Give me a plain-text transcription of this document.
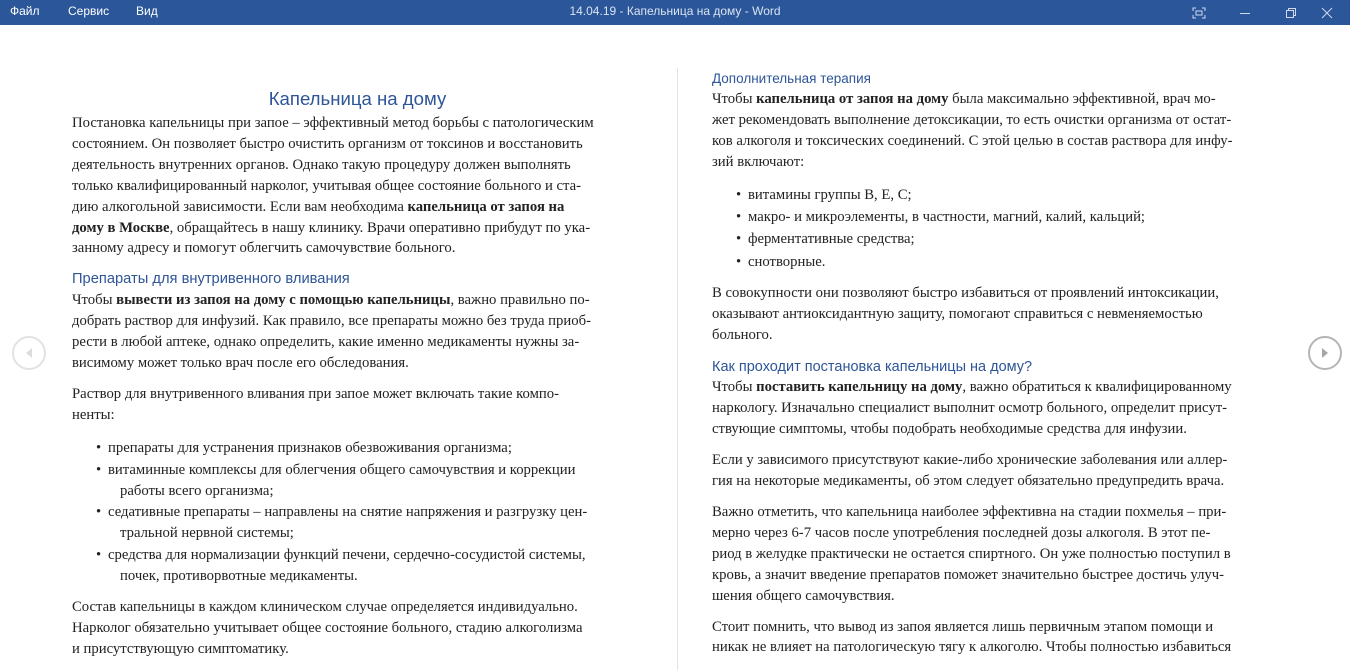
Файл	Сервис	Вид	14.04.19 - Капельница на дому - Word
Капельница на дому

Постановка капельницы при запое – эффективный метод борьбы с патологическим
состоянием. Он позволяет быстро очистить организм от токсинов и восстановить
деятельность внутренних органов. Однако такую процедуру должен выполнять
только квалифицированный нарколог, учитывая общее состояние больного и ста-
дию алкогольной зависимости. Если вам необходима капельница от запоя на
дому в Москве, обращайтесь в нашу клинику. Врачи оперативно прибудут по ука-
занному адресу и помогут облегчить самочувствие больного.

Препараты для внутривенного вливания

Чтобы вывести из запоя на дому с помощью капельницы, важно правильно по-
добрать раствор для инфузий. Как правило, все препараты можно без труда приоб-
рести в любой аптеке, однако определить, какие именно медикаменты нужны за-
висимому может только врач после его обследования.

Раствор для внутривенного вливания при запое может включать такие компо-
ненты:

• препараты для устранения признаков обезвоживания организма;
• витаминные комплексы для облегчения общего самочувствия и коррекции
работы всего организма;
• седативные препараты – направлены на снятие напряжения и разгрузку цен-
тральной нервной системы;
• средства для нормализации функций печени, сердечно-сосудистой системы,
почек, противорвотные медикаменты.

Состав капельницы в каждом клиническом случае определяется индивидуально.
Нарколог обязательно учитывает общее состояние больного, стадию алкоголизма
и присутствующую симптоматику.

Дополнительная терапия

Чтобы капельница от запоя на дому была максимально эффективной, врач мо-
жет рекомендовать выполнение детоксикации, то есть очистки организма от остат-
ков алкоголя и токсических соединений. С этой целью в состав раствора для инфу-
зий включают:

• витамины группы В, Е, С;
• макро- и микроэлементы, в частности, магний, калий, кальций;
• ферментативные средства;
• снотворные.

В совокупности они позволяют быстро избавиться от проявлений интоксикации,
оказывают антиоксидантную защиту, помогают справиться с невменяемостью
больного.

Как проходит постановка капельницы на дому?

Чтобы поставить капельницу на дому, важно обратиться к квалифицированному
наркологу. Изначально специалист выполнит осмотр больного, определит присут-
ствующие симптомы, чтобы подобрать необходимые средства для инфузии.

Если у зависимого присутствуют какие-либо хронические заболевания или аллер-
гия на некоторые медикаменты, об этом следует обязательно предупредить врача.

Важно отметить, что капельница наиболее эффективна на стадии похмелья – при-
мерно через 6-7 часов после употребления последней дозы алкоголя. В этот пе-
риод в желудке практически не остается спиртного. Он уже полностью поступил в
кровь, а значит введение препаратов поможет значительно быстрее достичь улуч-
шения общего самочувствия.

Стоит помнить, что вывод из запоя является лишь первичным этапом помощи и
никак не влияет на патологическую тягу к алкоголю. Чтобы полностью избавиться
